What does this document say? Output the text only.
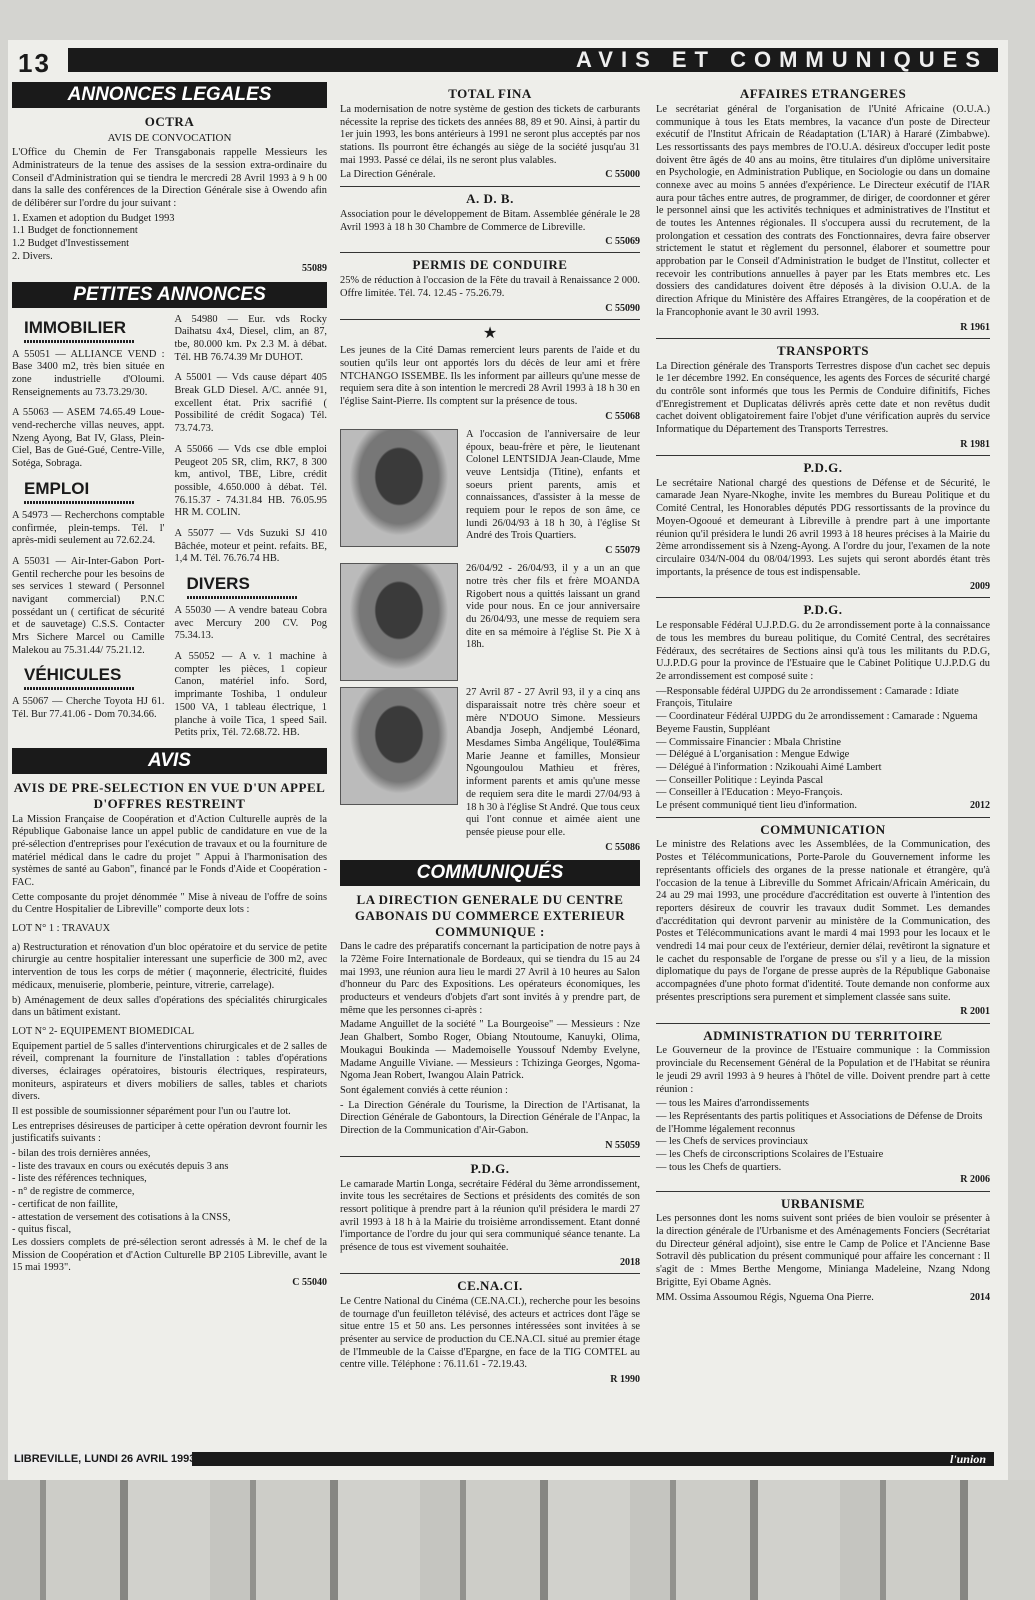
13	AVIS ET COMMUNIQUES
ANNONCES LEGALES
OCTRA
AVIS DE CONVOCATION

L'Office du Chemin de Fer Transgabonais rappelle Messieurs les Administrateurs de la tenue des assises de la session extra-ordinaire du Conseil d'Administration qui se tiendra le mercredi 28 Avril 1993 à 9 h 00 dans la salle des conférences de la Direction Générale sise à Owendo afin de délibérer sur l'ordre du jour suivant :

1. Examen et adoption du Budget 1993
1.1 Budget de fonctionnement
1.2 Budget d'Investissement
2. Divers.
55089
PETITES ANNONCES
IMMOBILIER
A 55051 — ALLIANCE VEND : Base 3400 m2, très bien située en zone industrielle d'Oloumi. Renseignements au 73.73.29/30.
A 55063 — ASEM 74.65.49 Loue-vend-recherche villas neuves, appt. Nzeng Ayong, Bat IV, Glass, Plein-Ciel, Bas de Gué-Gué, Centre-Ville, Sotéga, Sobraga.
EMPLOI
A 54973 — Recherchons comptable confirmée, plein-temps. Tél. l' après-midi seulement au 72.62.24.
A 55031 — Air-Inter-Gabon Port-Gentil recherche pour les besoins de ses services 1 steward ( Personnel navigant commercial) P.N.C possédant un ( certificat de sécurité et de sauvetage) C.S.S. Contacter Mrs Sichere Marcel ou Camille Malekou au 75.31.44/ 75.21.12.
VÉHICULES
A 55067 — Cherche Toyota HJ 61. Tél. Bur 77.41.06 - Dom 70.34.66.
A 54980 — Eur. vds Rocky Daihatsu 4x4, Diesel, clim, an 87, tbe, 80.000 km. Px 2.3 M. à débat. Tél. HB 76.74.39 Mr DUHOT.
A 55001 — Vds cause départ 405 Break GLD Diesel. A/C. année 91, excellent état. Prix sacrifié ( Possibilité de crédit Sogaca) Tél. 73.74.73.
A 55066 — Vds cse dble emploi Peugeot 205 SR, clim, RK7, 8 300 km, antivol, TBE, Libre, crédit possible, 4.650.000 à débat. Tél. 76.15.37 - 74.31.84 HB. 76.05.95 HR M. COLIN.
A 55077 — Vds Suzuki SJ 410 Bâchée, moteur et peint. refaits. BE, 1,4 M. Tél. 76.76.74 HB.
DIVERS
A 55030 — A vendre bateau Cobra avec Mercury 200 CV. Pog 75.34.13.
A 55052 — A v. 1 machine à compter les pièces, 1 copieur Canon, matériel info. Sord, imprimante Toshiba, 1 onduleur 1500 VA, 1 tableau électrique, 1 planche à voile Tica, 1 speed Sail. Petits prix, Tél. 72.68.72. HB.
AVIS
AVIS DE PRE-SELECTION EN VUE D'UN APPEL D'OFFRES RESTREINT

La Mission Française de Coopération et d'Action Culturelle auprès de la République Gabonaise lance un appel public de candidature en vue de la pré-sélection d'entreprises pour l'exécution de travaux et ou la fourniture de matériel médical dans le cadre du projet " Appui à l'harmonisation des systèmes de santé au Gabon", financé par le Fonds d'Aide et Coopération - FAC.

Cette composante du projet dénommée " Mise à niveau de l'offre de soins du Centre Hospitalier de Libreville" comporte deux lots :

LOT N° 1 : TRAVAUX

a) Restructuration et rénovation d'un bloc opératoire et du service de petite chirurgie au centre hospitalier interessant une superficie de 300 m2, avec intervention de tous les corps de métier ( maçonnerie, électricité, fluides médicaux, menuiserie, plomberie, peinture, vitrerie, carrelage).

b) Aménagement de deux salles d'opérations des spécialités chirurgicales dans un bâtiment existant.

LOT N° 2- EQUIPEMENT BIOMEDICAL

Equipement partiel de 5 salles d'interventions chirurgicales et de 2 salles de réveil, comprenant la fourniture de l'installation : tables d'opérations diverses, éclairages opératoires, bistouris électriques, respirateurs, moniteurs, aspirateurs et divers mobiliers de salles, tables et chariots divers.

Il est possible de soumissionner séparément pour l'un ou l'autre lot.

Les entreprises désireuses de participer à cette opération devront fournir les justificatifs suivants :

- bilan des trois dernières années,
- liste des travaux en cours ou exécutés depuis 3 ans
- liste des références techniques,
- n° de registre de commerce,
- certificat de non faillite,
- attestation de versement des cotisations à la CNSS,
- quitus fiscal,

Les dossiers complets de pré-sélection seront adressés à M. le chef de la Mission de Coopération et d'Action Culturelle BP 2105 Libreville, avant le 15 mai 1993".

C 55040
TOTAL FINA

La modernisation de notre système de gestion des tickets de carburants nécessite la reprise des tickets des années 88, 89 et 90. Ainsi, à partir du 1er juin 1993, les bons antérieurs à 1991 ne seront plus acceptés par nos stations. Ils pourront être échangés au siège de la société jusqu'au 31 mai 1993. Passé ce délai, ils ne seront plus valables.

La Direction Générale.	C 55000
A. D. B.

Association pour le développement de Bitam. Assemblée générale le 28 Avril 1993 à 18 h 30 Chambre de Commerce de Libreville.

C 55069
PERMIS DE CONDUIRE

25% de réduction à l'occasion de la Fête du travail à Renaissance 2 000. Offre limitée. Tél. 74. 12.45 - 75.26.79.

C 55090
★

Les jeunes de la Cité Damas remercient leurs parents de l'aide et du soutien qu'ils leur ont apportés lors du décès de leur ami et frère NTCHANGO ISSEMBE. Ils les informent par ailleurs qu'une messe de requiem sera dite à son intention le mercredi 28 Avril 1993 à 18 h 30 en l'église Saint-Pierre. Ils comptent sur la présence de tous.

C 55068

A l'occasion de l'anniversaire de leur époux, beau-frère et père, le lieutenant Colonel LENTSIDJA Jean-Claude, Mme veuve Lentsidja (Titine), enfants et soeurs prient parents, amis et connaissances, d'assister à la messe de requiem pour le repos de son âme, ce lundi 26/04/93 à 18 h 30, à l'église St André des Trois Quartiers.

C 55079

26/04/92 - 26/04/93, il y a un an que notre très cher fils et frère MOANDA Rigobert nous a quittés laissant un grand vide pour nous. En ce jour anniversaire du 26/04/93, une messe de requiem sera dite en sa mémoire à l'église St. Pie X à 18h.

27 Avril 87 - 27 Avril 93, il y a cinq ans disparaissait notre très chère soeur et mère N'DOUO Simone. Messieurs Abandja Joseph, Andjembé Léonard, Mesdames Simba Angélique, Touléकima Marie Jeanne et familles, Monsieur Ngoungoulou Mathieu et frères, informent parents et amis qu'une messe de requiem sera dite le mardi 27/04/93 à 18 h 30 à l'église St André. Que tous ceux qui l'ont connue et aimée aient une pensée pieuse pour elle.

C 55086
COMMUNIQUÉS
LA DIRECTION GENERALE DU CENTRE GABONAIS DU COMMERCE EXTERIEUR COMMUNIQUE :

Dans le cadre des préparatifs concernant la participation de notre pays à la 72ème Foire Internationale de Bordeaux, qui se tiendra du 15 au 24 mai 1993, une réunion aura lieu le mardi 27 Avril à 10 heures au Salon d'honneur du Parc des Expositions. Les opérateurs économiques, les producteurs et vendeurs d'objets d'art sont invités à y prendre part, de même que les personnes ci-après :

Madame Anguillet de la société " La Bourgeoise" — Messieurs : Nze Jean Ghalbert, Sombo Roger, Obiang Ntoutoume, Kanuyki, Olima, Moukagui Boukinda — Mademoiselle Youssouf Ndemby Evelyne, Madame Anguille Viviane. — Messieurs : Tchizinga Georges, Ngoma-Ngoma Jean Robert, Iwangou Alain Patrick.

Sont également conviés à cette réunion :

- La Direction Générale du Tourisme, la Direction de l'Artisanat, la Direction Générale de Gabontours, la Direction Générale de l'Anpac, la Direction de la Communication d'Air-Gabon.

N 55059
P.D.G.

Le camarade Martin Longa, secrétaire Fédéral du 3ème arrondissement, invite tous les secrétaires de Sections et présidents des comités de son ressort politique à prendre part à la réunion qu'il présidera le mardi 27 avril 1993 à 18 h à la Mairie du troisième arrondissement. Etant donné l'importance de l'ordre du jour qui sera communiqué séance tenante. La présence de tous est vivement souhaitée.

2018
CE.NA.CI.

Le Centre National du Cinéma (CE.NA.CI.), recherche pour les besoins de tournage d'un feuilleton télévisé, des acteurs et actrices dont l'âge se situe entre 15 et 50 ans. Les personnes intéressées sont invitées à se présenter au service de production du CE.NA.CI. situé au premier étage de l'Immeuble de la Caisse d'Epargne, en face de la TIG COMTEL au centre ville. Téléphone : 76.11.61 - 72.19.43.

R 1990
AFFAIRES ETRANGERES

Le secrétariat général de l'organisation de l'Unité Africaine (O.U.A.) communique à tous les Etats membres, la vacance d'un poste de Directeur exécutif de l'Institut Africain de Réadaptation (L'IAR) à Hararé (Zimbabwe). Les ressortissants des pays membres de l'O.U.A. désireux d'occuper ledit poste doivent être âgés de 40 ans au moins, être titulaires d'un diplôme universitaire en Psychologie, en Administration Publique, en Sociologie ou dans un domaine connexe avec au moins 5 années d'expérience. Le Directeur exécutif de l'IAR aura pour tâches entre autres, de programmer, de diriger, de coordonner et gérer le personnel ainsi que les activités techniques et administratives de l'Institut et de toutes les Antennes régionales. Il s'occupera aussi du recrutement, de la prolongation et cessation des contrats des Fonctionnaires, devra faire observer strictement le statut et règlement du personnel, élaborer et soumettre pour approbation par le Conseil d'Administration le budget de l'Institut, collecter et recevoir les contributions annuelles à payer par les Etats membres etc. Les dossiers des candidatures doivent être déposés à la division O.U.A. de la direction Afrique du Ministère des Affaires Etrangères, de la coopération et de la Francophonie avant le 30 avril 1993.

R 1961
TRANSPORTS

La Direction générale des Transports Terrestres dispose d'un cachet sec depuis le 1er décembre 1992. En conséquence, les agents des Forces de sécurité chargé du contrôle sont informés que tous les Permis de Conduire difinitifs, Fiches d'Enregistrement et Duplicatas délivrés après cette date et non revêtus dudit cachet doivent obligatoirement faire l'objet d'une vérification auprès du service Informatique du Département des Transports Terrestres.

R 1981
P.D.G.

Le secrétaire National chargé des questions de Défense et de Sécurité, le camarade Jean Nyare-Nkoghe, invite les membres du Bureau Politique et du Comité Central, les Honorables députés PDG ressortissants de la province du Moyen-Ogooué et demeurant à Libreville à prendre part à une importante réunion qu'il présidera le lundi 26 avril 1993 à 18 heures précises à la Mairie du 2ème arrondissement sis à Nzeng-Ayong. A l'ordre du jour, l'examen de la note circulaire 034/N-004 du 08/04/1993. Les sujets qui seront abordés étant très importants, la présence de tous est indispensable.

2009
P.D.G.

Le responsable Fédéral U.J.P.D.G. du 2e arrondissement porte à la connaissance de tous les membres du bureau politique, du Comité Central, des secrétaires Fédéraux, des secrétaires de Sections ainsi qu'à tous les militants du P.D.G, U.J.P.D.G pour la province de l'Estuaire que le Cabinet Politique U.J.P.D.G du 2e arrondissement est composé suite :

—Responsable fédéral UJPDG du 2e arrondissement : Camarade : Idiate François, Titulaire
— Coordinateur Fédéral UJPDG du 2e arrondissement : Camarade : Nguema Beyeme Faustin, Suppléant
— Commissaire Financier : Mbala Christine
— Délégué à L'organisation : Mengue Edwige
— Délégué à l'information : Nzikouahi Aimé Lambert
— Conseiller Politique : Leyinda Pascal
— Conseiller à l'Education : Meyo-François.
Le présent communiqué tient lieu d'information.	2012
COMMUNICATION

Le ministre des Relations avec les Assemblées, de la Communication, des Postes et Télécommunications, Porte-Parole du Gouvernement informe les représentants officiels des organes de la presse nationale et étrangère, qu'à l'occasion de la tenue à Libreville du Sommet Africain/Africain Américain, du 24 au 29 mai 1993, une procédure d'accréditation est ouverte à l'intention des reporters désireux de couvrir les travaux dudit Sommet. Les demandes d'accréditation qui devront parvenir au ministère de la Communication, des Postes et Télécommunications avant le mardi 4 mai 1993 pour les locaux et le vendredi 14 mai pour ceux de l'extérieur, dernier délai, revêtiront la signature et le cachet du responsable de l'organe de presse ou s'il y a lieu, de la mission diplomatique du pays de l'organe de presse auprès de la République Gabonaise accompagnées d'une photo format d'identité. Toute demande non conforme aux présentes prescriptions sera purement et simplement classée sans suite.

R 2001
ADMINISTRATION DU TERRITOIRE

Le Gouverneur de la province de l'Estuaire communique : la Commission provinciale du Recensement Général de la Population et de l'Habitat se réunira le jeudi 29 avril 1993 à 9 heures à l'hôtel de ville. Doivent prendre part à cette réunion :

— tous les Maires d'arrondissements
— les Représentants des partis politiques et Associations de Défense de Droits de l'Homme légalement reconnus
— les Chefs de services provinciaux
— les Chefs de circonscriptions Scolaires de l'Estuaire
— tous les Chefs de quartiers.
R 2006
URBANISME

Les personnes dont les noms suivent sont priées de bien vouloir se présenter à la direction générale de l'Urbanisme et des Aménagements Fonciers (Secrétariat du Directeur général adjoint), sise entre le Camp de Police et l'Ancienne Base Sotravil dès publication du présent communiqué pour affaire les concernant : Il s'agit de : Mmes Berthe Mengome, Minianga Madeleine, Nzang Ndong Brigitte, Eyi Obame Agnès.

MM. Ossima Assoumou Régis, Nguema Ona Pierre.	2014
LIBREVILLE, LUNDI 26 AVRIL 1993	l'union
